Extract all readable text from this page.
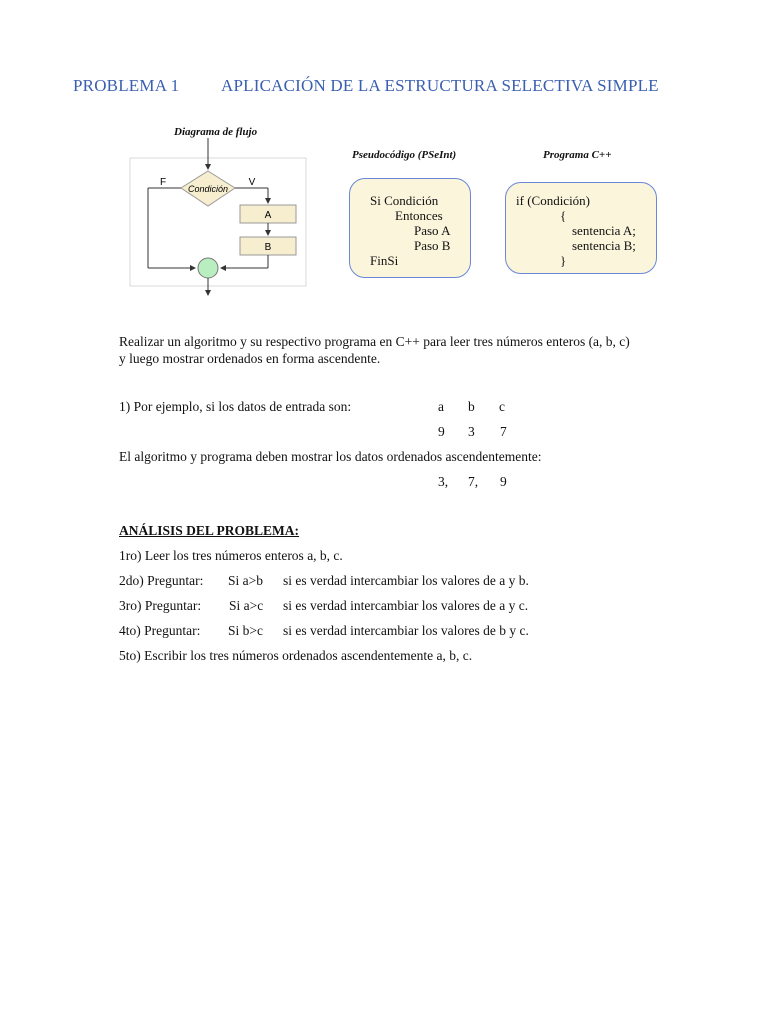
PROBLEMA 1 APLICACIÓN DE LA ESTRUCTURA SELECTIVA SIMPLE
Diagrama de flujo
Condición
F	V
A
B
Pseudocódigo (PSeInt)
Si Condición
Entonces
Paso A
Paso B
FinSi
Programa C++
if (Condición)
{
sentencia A;
sentencia B;
}
Realizar un algoritmo y su respectivo programa en C++ para leer tres números enteros (a, b, c)
y luego mostrar ordenados en forma ascendente.
1) Por ejemplo, si los datos de entrada son:	a b c
9 3 7
El algoritmo y programa deben mostrar los datos ordenados ascendentemente:
3, 7, 9
ANÁLISIS DEL PROBLEMA:
1ro) Leer los tres números enteros a, b, c.
2do) Preguntar: Si a>b si es verdad intercambiar los valores de a y b.
3ro) Preguntar: Si a>c si es verdad intercambiar los valores de a y c.
4to) Preguntar: Si b>c si es verdad intercambiar los valores de b y c.
5to) Escribir los tres números ordenados ascendentemente a, b, c.
